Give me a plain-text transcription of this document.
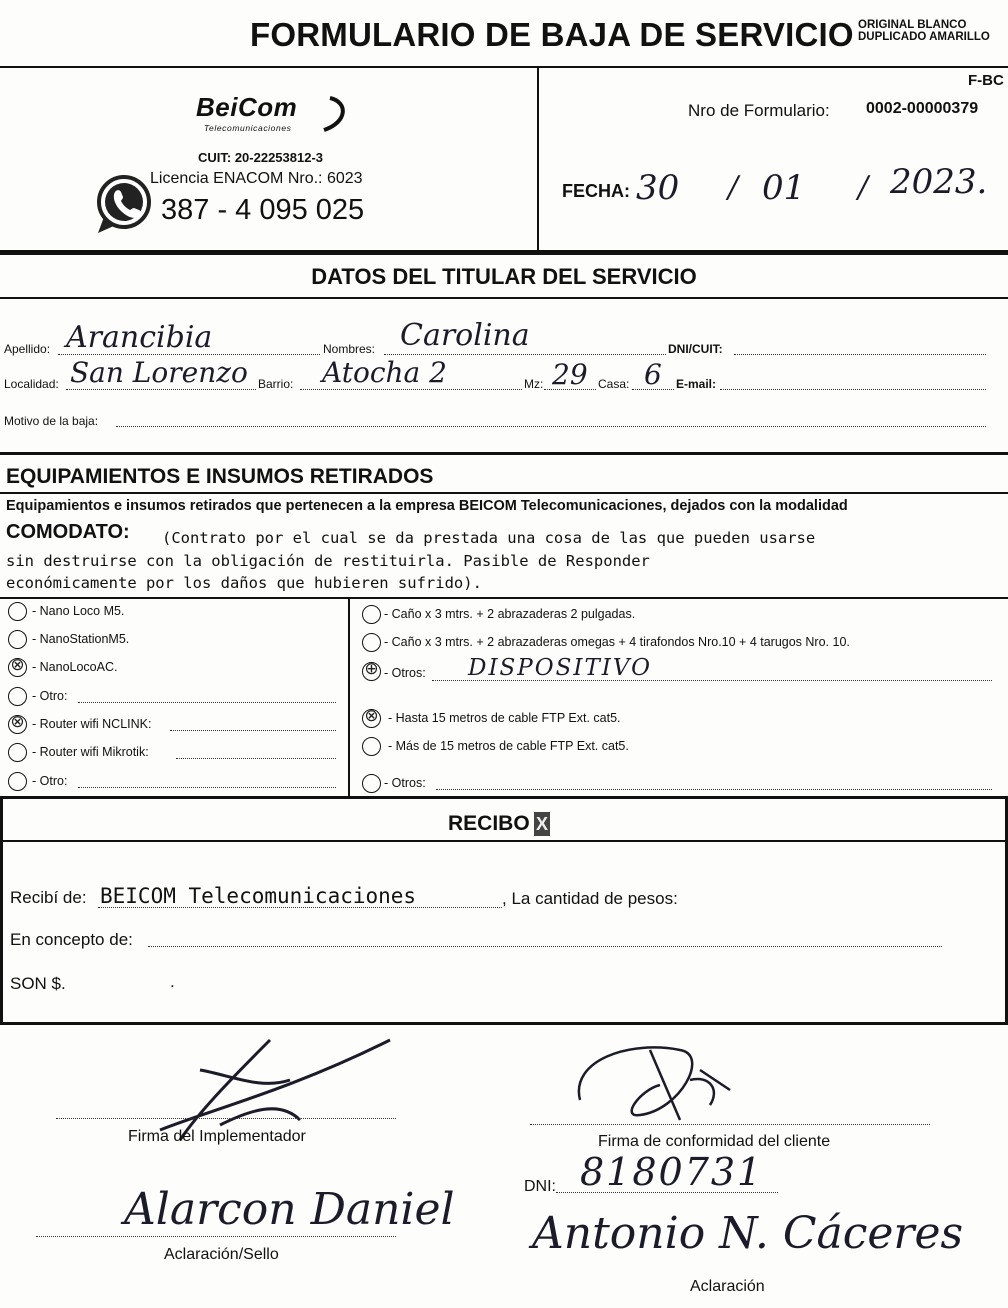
FORMULARIO DE BAJA DE SERVICIO ORIGINAL BLANCO
DUPLICADO AMARILLO
F-BC
Nro de Formulario: 0002-00000379
BeiCom
Telecomunicaciones
CUIT: 20-22253812-3
Licencia ENACOM Nro.: 6023
387 - 4 095 025
FECHA: 30 / 01 / 2023.
DATOS DEL TITULAR DEL SERVICIO
Apellido: Arancibia	Nombres: Carolina	DNI/CUIT:
Localidad: San Lorenzo Barrio: Atocha 2	Mz: 29 Casa: 6 E-mail:
Motivo de la baja:
EQUIPAMIENTOS E INSUMOS RETIRADOS
Equipamientos e insumos retirados que pertenecen a la empresa BEICOM Telecomunicaciones, dejados con la modalidad
COMODATO: (Contrato por el cual se da prestada una cosa de las que pueden usarse
sin destruirse con la obligación de restituirla. Pasible de Responder
económicamente por los daños que hubieren sufrido).
- Nano Loco M5.
- NanoStationM5.
⊗ - NanoLocoAC.
- Otro:
⊗ - Router wifi NCLINK:
- Router wifi Mikrotik:
- Otro:
- Caño x 3 mtrs. + 2 abrazaderas 2 pulgadas.
- Caño x 3 mtrs. + 2 abrazaderas omegas + 4 tirafondos Nro.10 + 4 tarugos Nro. 10.
⊕ - Otros: DISPOSITIVO
⊗ - Hasta 15 metros de cable FTP Ext. cat5.
- Más de 15 metros de cable FTP Ext. cat5.
- Otros:
RECIBO X
Recibí de: BEICOM Telecomunicaciones	, La cantidad de pesos:
En concepto de:
SON $.	.
Firma del Implementador	Firma de conformidad del cliente
DNI: 8180731
Alarcon Daniel
Aclaración/Sello	Antonio N. Cáceres
Aclaración
